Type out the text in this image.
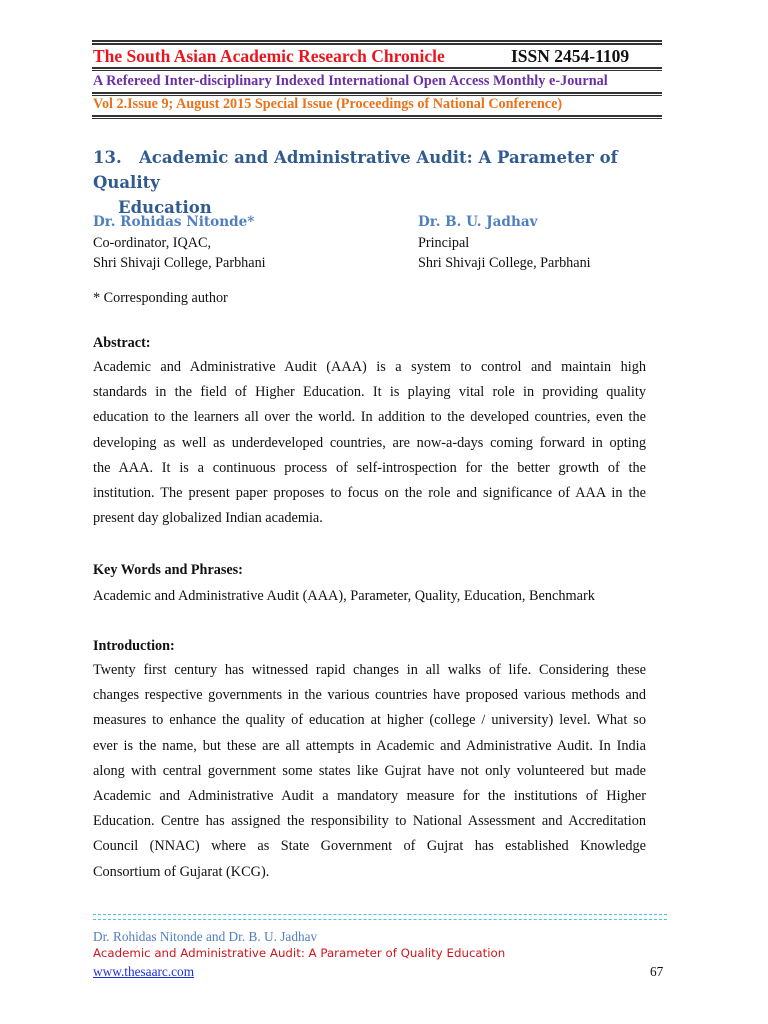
The South Asian Academic Research Chronicle	ISSN 2454-1109
A Refereed Inter-disciplinary Indexed International Open Access Monthly e-Journal
Vol 2.Issue 9; August 2015 Special Issue (Proceedings of National Conference)
13. Academic and Administrative Audit: A Parameter of Quality
Education
Dr. Rohidas Nitonde*
Co-ordinator, IQAC,
Shri Shivaji College, Parbhani
Dr. B. U. Jadhav
Principal
Shri Shivaji College, Parbhani
* Corresponding author
Abstract:
Academic and Administrative Audit (AAA) is a system to control and maintain high
standards in the field of Higher Education. It is playing vital role in providing quality
education to the learners all over the world. In addition to the developed countries, even the
developing as well as underdeveloped countries, are now-a-days coming forward in opting
the AAA. It is a continuous process of self-introspection for the better growth of the
institution. The present paper proposes to focus on the role and significance of AAA in the
present day globalized Indian academia.
Key Words and Phrases:
Academic and Administrative Audit (AAA), Parameter, Quality, Education, Benchmark
Introduction:
Twenty first century has witnessed rapid changes in all walks of life. Considering these
changes respective governments in the various countries have proposed various methods and
measures to enhance the quality of education at higher (college / university) level. What so
ever is the name, but these are all attempts in Academic and Administrative Audit. In India
along with central government some states like Gujrat have not only volunteered but made
Academic and Administrative Audit a mandatory measure for the institutions of Higher
Education. Centre has assigned the responsibility to National Assessment and Accreditation
Council (NNAC) where as State Government of Gujrat has established Knowledge
Consortium of Gujarat (KCG).
Dr. Rohidas Nitonde and Dr. B. U. Jadhav
Academic and Administrative Audit: A Parameter of Quality Education
www.thesaarc.com	67
